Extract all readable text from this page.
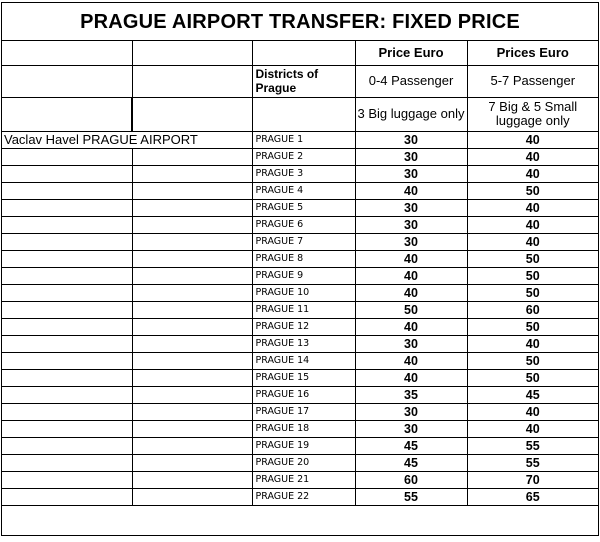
PRAGUE AIRPORT TRANSFER: FIXED PRICE
			Price Euro	Prices Euro
		Districts of Prague	0-4 Passenger	5-7 Passenger
			3 Big luggage only	7 Big & 5 Small luggage only
Vaclav Havel PRAGUE AIRPORT		PRAGUE 1	30	40
		PRAGUE 2	30	40
		PRAGUE 3	30	40
		PRAGUE 4	40	50
		PRAGUE 5	30	40
		PRAGUE 6	30	40
		PRAGUE 7	30	40
		PRAGUE 8	40	50
		PRAGUE 9	40	50
		PRAGUE 10	40	50
		PRAGUE 11	50	60
		PRAGUE 12	40	50
		PRAGUE 13	30	40
		PRAGUE 14	40	50
		PRAGUE 15	40	50
		PRAGUE 16	35	45
		PRAGUE 17	30	40
		PRAGUE 18	30	40
		PRAGUE 19	45	55
		PRAGUE 20	45	55
		PRAGUE 21	60	70
		PRAGUE 22	55	65
